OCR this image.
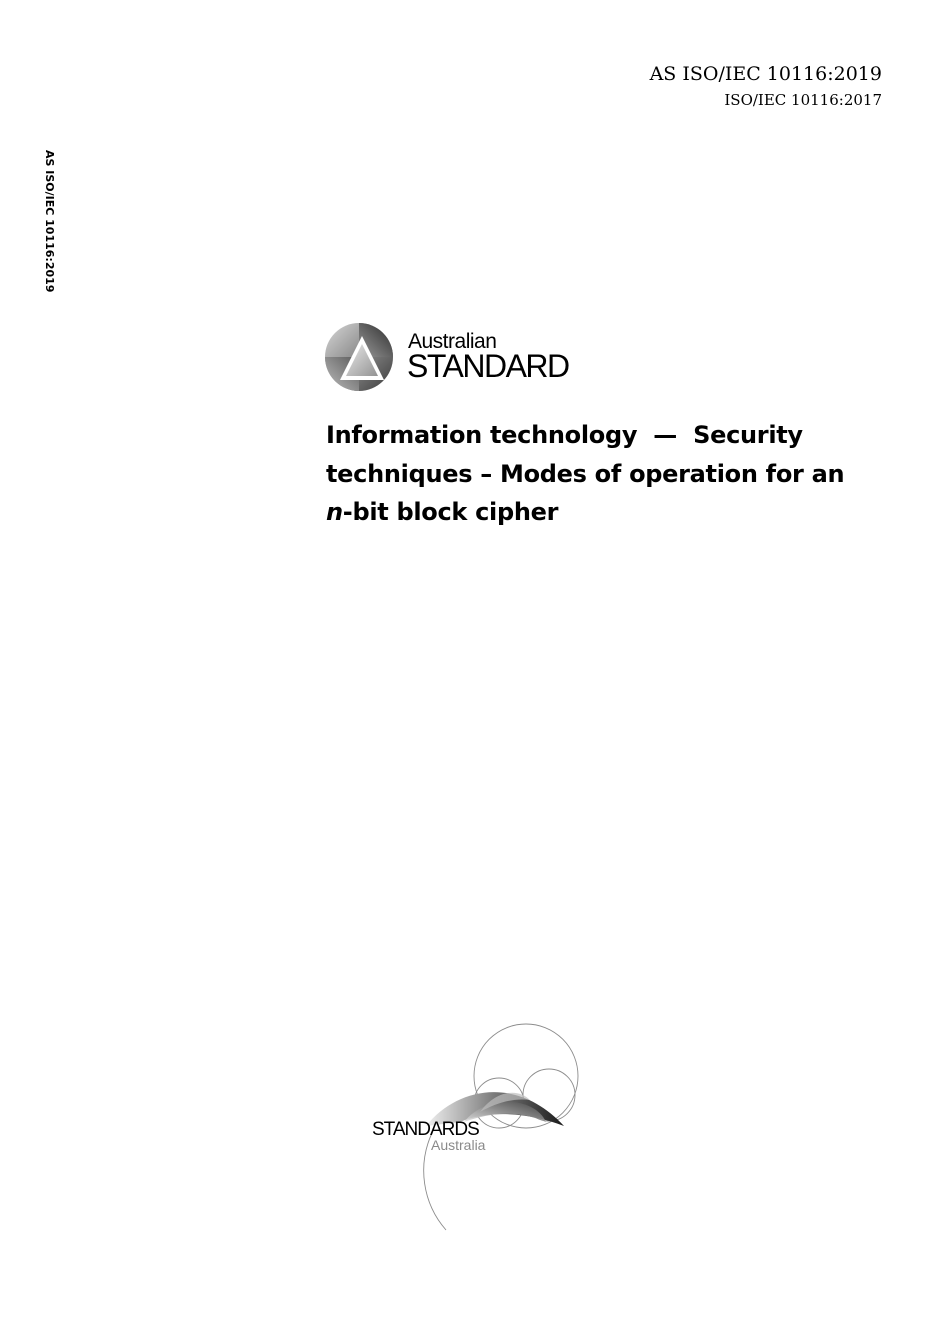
AS ISO/IEC 10116:2019
ISO/IEC 10116:2017
AS ISO/IEC 10116:2019
Australian
STANDARD
Information technology  —  Security
techniques – Modes of operation for an
n-bit block cipher
STANDARDS
Australia
